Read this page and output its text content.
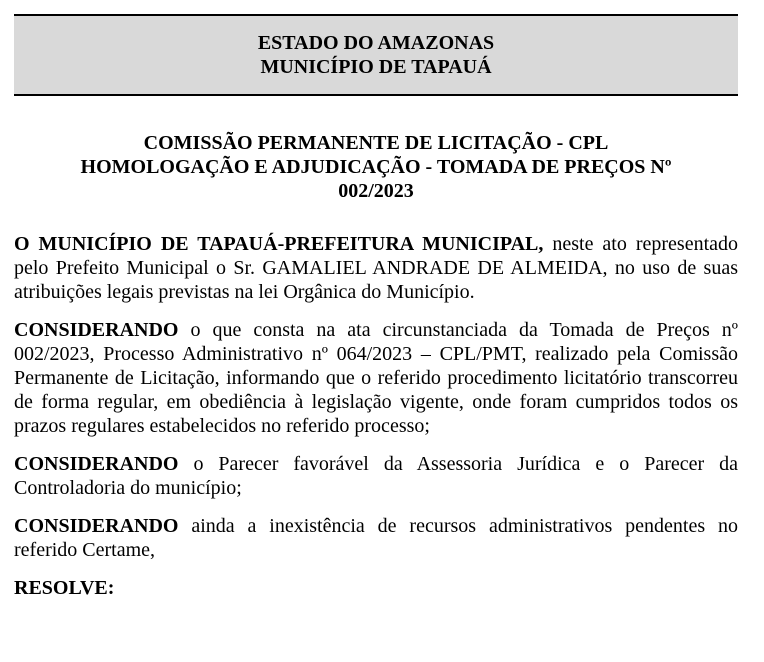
ESTADO DO AMAZONAS
MUNICÍPIO DE TAPAUÁ
COMISSÃO PERMANENTE DE LICITAÇÃO - CPL
HOMOLOGAÇÃO E ADJUDICAÇÃO - TOMADA DE PREÇOS Nº
002/2023

O MUNICÍPIO DE TAPAUÁ-PREFEITURA MUNICIPAL, neste ato representado pelo Prefeito Municipal o Sr. GAMALIEL ANDRADE DE ALMEIDA, no uso de suas atribuições legais previstas na lei Orgânica do Município.

CONSIDERANDO o que consta na ata circunstanciada da Tomada de Preços nº 002/2023, Processo Administrativo nº 064/2023 – CPL/PMT, realizado pela Comissão Permanente de Licitação, informando que o referido procedimento licitatório transcorreu de forma regular, em obediência à legislação vigente, onde foram cumpridos todos os prazos regulares estabelecidos no referido processo;

CONSIDERANDO o Parecer favorável da Assessoria Jurídica e o Parecer da Controladoria do município;

CONSIDERANDO ainda a inexistência de recursos administrativos pendentes no referido Certame,

RESOLVE:
